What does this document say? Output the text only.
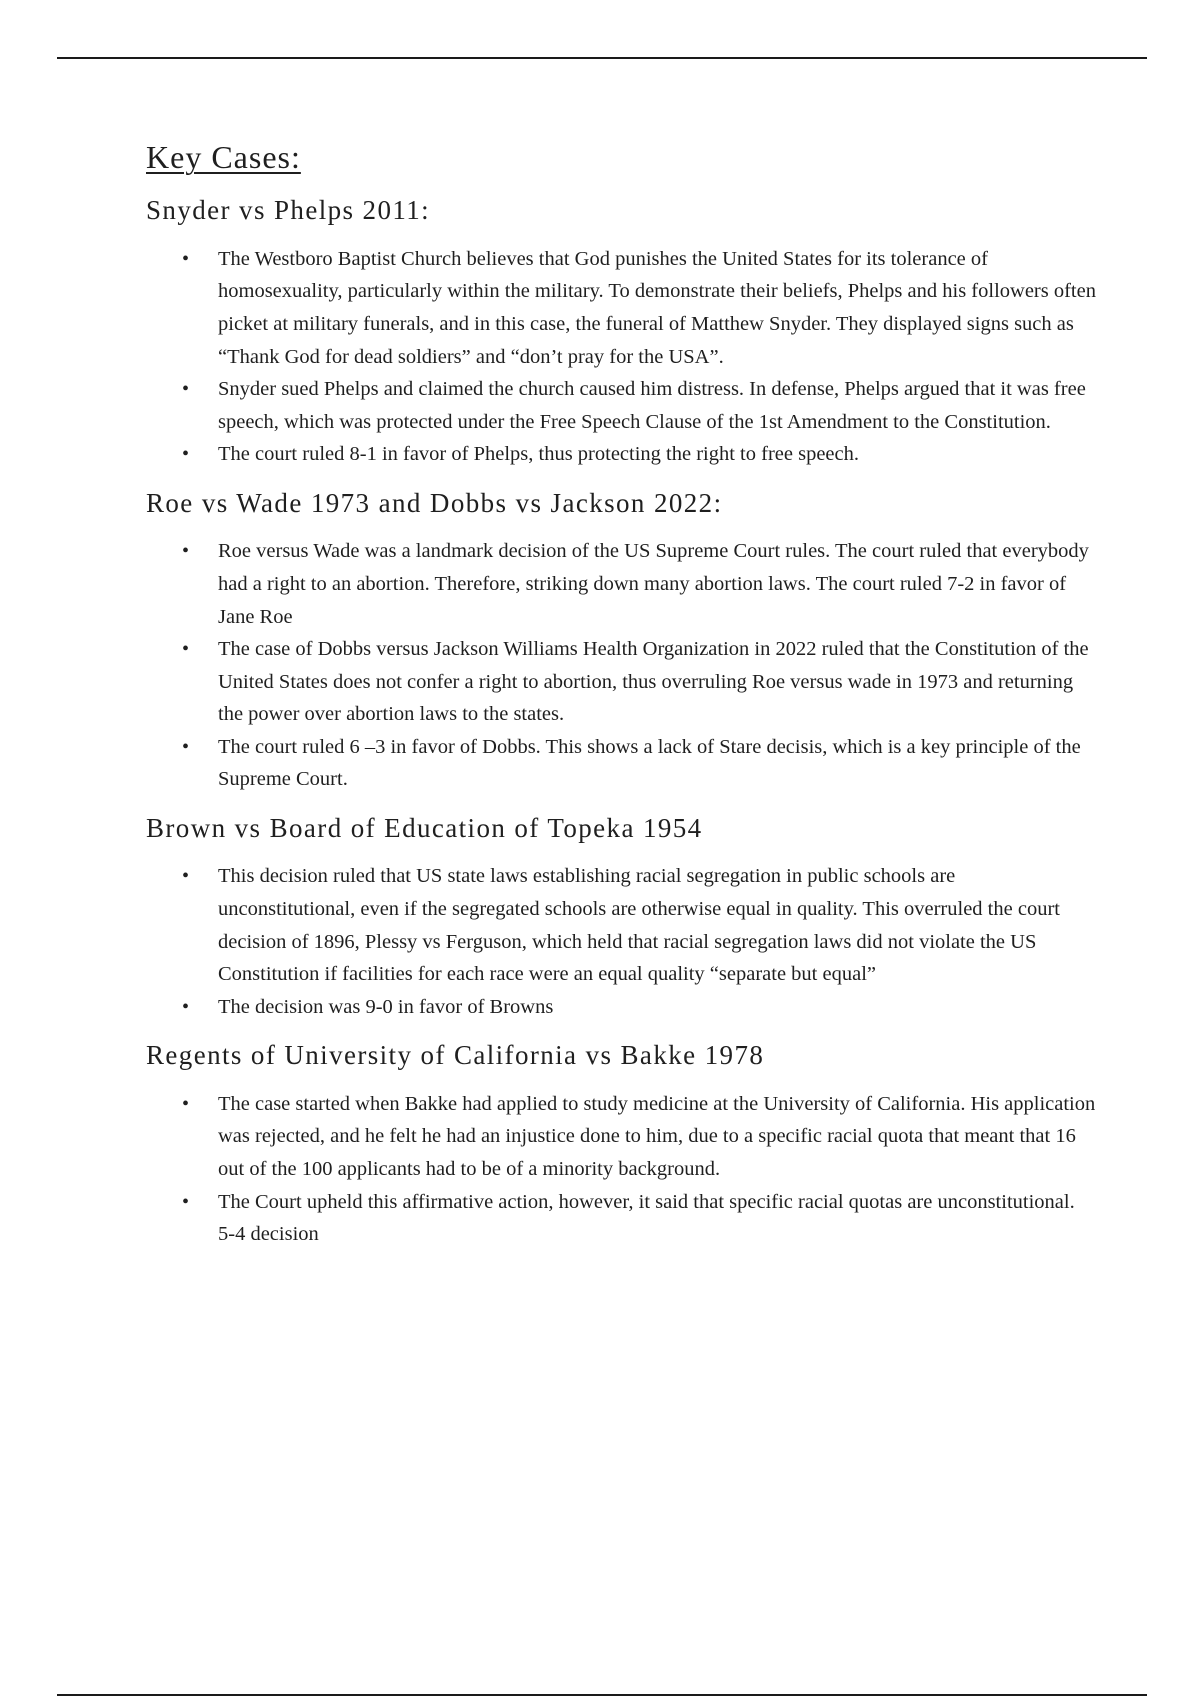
Key Cases:
Snyder vs Phelps 2011:
• The Westboro Baptist Church believes that God punishes the United States for its tolerance of homosexuality, particularly within the military. To demonstrate their beliefs, Phelps and his followers often picket at military funerals, and in this case, the funeral of Matthew Snyder. They displayed signs such as “Thank God for dead soldiers” and “don’t pray for the USA”.
• Snyder sued Phelps and claimed the church caused him distress. In defense, Phelps argued that it was free speech, which was protected under the Free Speech Clause of the 1st Amendment to the Constitution.
• The court ruled 8-1 in favor of Phelps, thus protecting the right to free speech.
Roe vs Wade 1973 and Dobbs vs Jackson 2022:
• Roe versus Wade was a landmark decision of the US Supreme Court rules. The court ruled that everybody had a right to an abortion. Therefore, striking down many abortion laws. The court ruled 7-2 in favor of Jane Roe
• The case of Dobbs versus Jackson Williams Health Organization in 2022 ruled that the Constitution of the United States does not confer a right to abortion, thus overruling Roe versus wade in 1973 and returning the power over abortion laws to the states.
• The court ruled 6 –3 in favor of Dobbs. This shows a lack of Stare decisis, which is a key principle of the Supreme Court.
Brown vs Board of Education of Topeka 1954
• This decision ruled that US state laws establishing racial segregation in public schools are unconstitutional, even if the segregated schools are otherwise equal in quality. This overruled the court decision of 1896, Plessy vs Ferguson, which held that racial segregation laws did not violate the US Constitution if facilities for each race were an equal quality “separate but equal”
• The decision was 9-0 in favor of Browns
Regents of University of California vs Bakke 1978
• The case started when Bakke had applied to study medicine at the University of California. His application was rejected, and he felt he had an injustice done to him, due to a specific racial quota that meant that 16 out of the 100 applicants had to be of a minority background.
• The Court upheld this affirmative action, however, it said that specific racial quotas are unconstitutional. 5-4 decision
